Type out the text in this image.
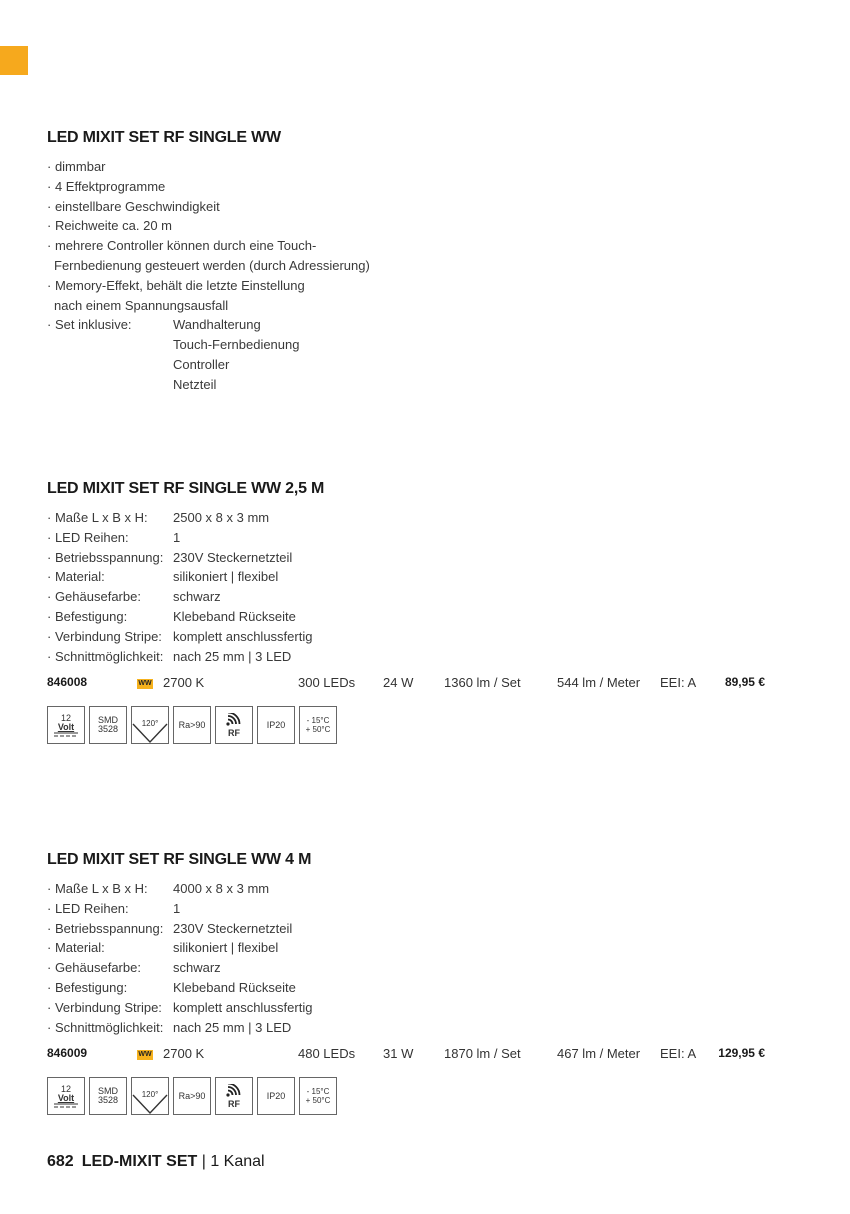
LED MIXIT SET RF SINGLE WW
· dimmbar
· 4 Effektprogramme
· einstellbare Geschwindigkeit
· Reichweite ca. 20 m
· mehrere Controller können durch eine Touch-
Fernbedienung gesteuert werden (durch Adressierung)
· Memory-Effekt, behält die letzte Einstellung
nach einem Spannungsausfall
· Set inklusive:	Wandhalterung
Touch-Fernbedienung
Controller
Netzteil
LED MIXIT SET RF SINGLE WW 2,5 M
· Maße L x B x H:	2500 x 8 x 3 mm
· LED Reihen:	1
· Betriebsspannung: 230V Steckernetzteil
· Material:	silikoniert | flexibel
· Gehäusefarbe:	schwarz
· Befestigung:	Klebeband Rückseite
· Verbindung Stripe: komplett anschlussfertig
· Schnittmöglichkeit: nach 25 mm | 3 LED
846008	WW 2700 K	300 LEDs 24 W 1360 lm / Set	544 lm / Meter EEI: A 89,95 €
12
Volt
SMD
3528
120° Ra>90
RF
IP20	- 15°C
+ 50°C
LED MIXIT SET RF SINGLE WW 4 M
· Maße L x B x H:	4000 x 8 x 3 mm
· LED Reihen:	1
· Betriebsspannung: 230V Steckernetzteil
· Material:	silikoniert | flexibel
· Gehäusefarbe:	schwarz
· Befestigung:	Klebeband Rückseite
· Verbindung Stripe: komplett anschlussfertig
· Schnittmöglichkeit: nach 25 mm | 3 LED
846009	WW 2700 K	480 LEDs 31 W 1870 lm / Set	467 lm / Meter EEI: A 129,95 €
12
Volt
SMD
3528
120° Ra>90
RF
IP20	- 15°C
+ 50°C
682 LED-MIXIT SET | 1 Kanal
